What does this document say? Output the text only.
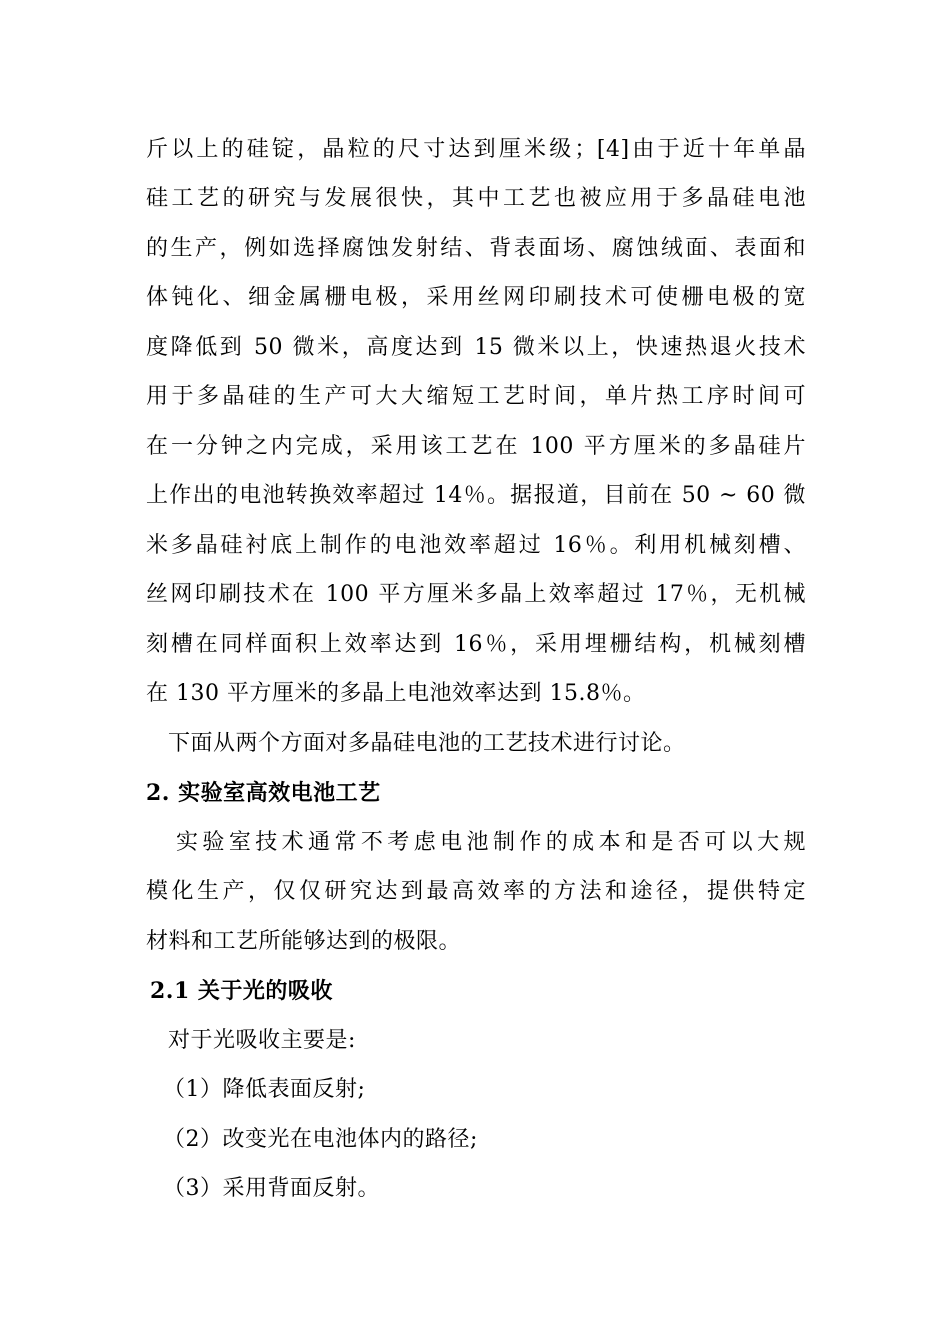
斤以上的硅锭，晶粒的尺寸达到厘米级；[4]由于近十年单晶
硅工艺的研究与发展很快，其中工艺也被应用于多晶硅电池
的生产，例如选择腐蚀发射结、背表面场、腐蚀绒面、表面和
体钝化、细金属栅电极，采用丝网印刷技术可使栅电极的宽
度降低到 50 微米，高度达到 15 微米以上，快速热退火技术
用于多晶硅的生产可大大缩短工艺时间，单片热工序时间可
在一分钟之内完成，采用该工艺在 100 平方厘米的多晶硅片
上作出的电池转换效率超过 14％。据报道，目前在 50 ~ 60 微
米多晶硅衬底上制作的电池效率超过 16％。利用机械刻槽、
丝网印刷技术在 100 平方厘米多晶上效率超过 17％，无机械
刻槽在同样面积上效率达到 16％，采用埋栅结构，机械刻槽
在 130 平方厘米的多晶上电池效率达到 15.8％。
下面从两个方面对多晶硅电池的工艺技术进行讨论。
2. 实验室高效电池工艺
实验室技术通常不考虑电池制作的成本和是否可以大规
模化生产，仅仅研究达到最高效率的方法和途径，提供特定
材料和工艺所能够达到的极限。
2.1 关于光的吸收
对于光吸收主要是:
（1）降低表面反射;
（2）改变光在电池体内的路径;
（3）采用背面反射。
